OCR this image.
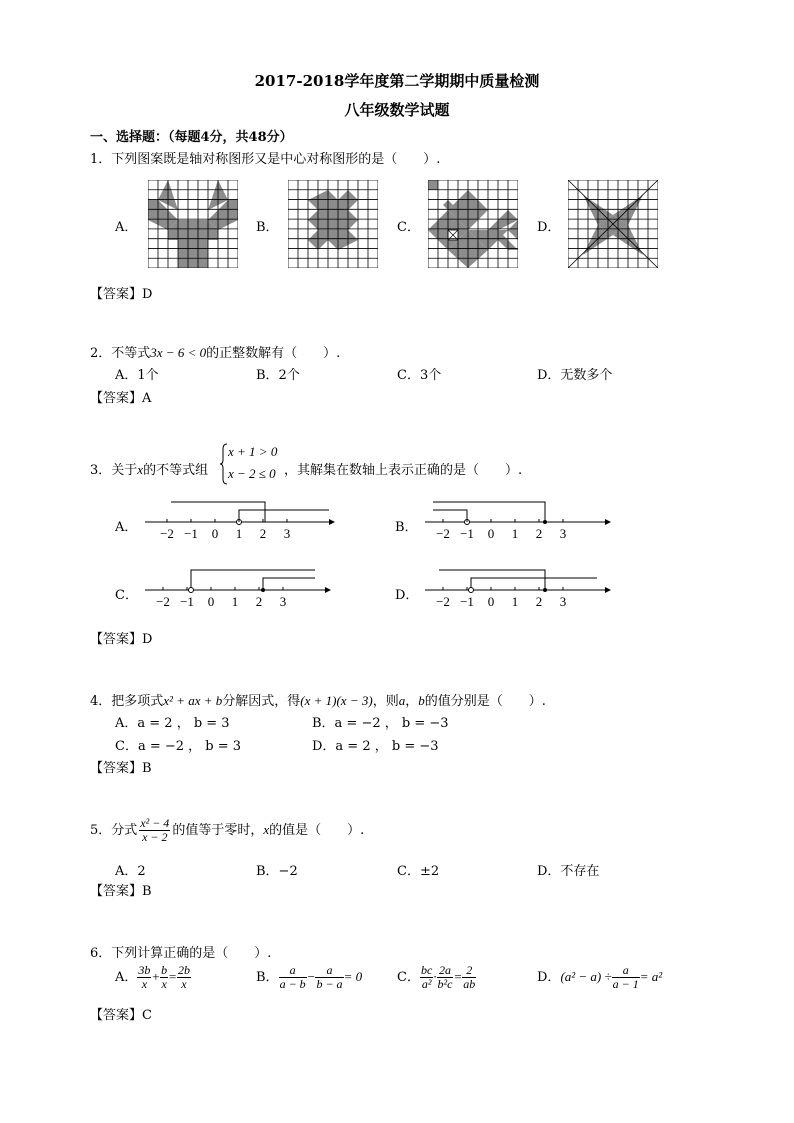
2017-2018学年度第二学期期中质量检测
八年级数学试题
一、选择题：（每题4分，共48分）
1．下列图案既是轴对称图形又是中心对称图形的是（　　）.
A．	B．	C．	D．
【答案】D
2．不等式3x − 6 < 0的正整数解有（　　）.
A．1个	B．2个	C．3个	D．无数多个
【答案】A
3．关于x的不等式组
x + 1 > 0
x − 2 ≤ 0 ，其解集在数轴上表示正确的是（　　）.
A．	B．
C．	D．
−2 −1 0 1 2 3	−2 −1 0 1 2 3
−2 −1 0 1 2 3	−2 −1 0 1 2 3
【答案】D
4．把多项式x² + ax + b分解因式，得(x + 1)(x − 3)，则a，b的值分别是（　　）.
A．a = 2 ， b = 3	B．a = −2 ， b = −3
C．a = −2 ， b = 3	D．a = 2 ， b = −3
【答案】B
5．分式 $\frac{\text{x² − 4}}{x - 2}$ 的值等于零时，x的值是（　　）.
A．2	B．−2	C．±2	D．不存在
【答案】B
6．下列计算正确的是（　　）.
A． $\frac{3b}{x} + \frac{b}{x} = \frac{2b}{x}$	B． $\frac{a}{a - b} - \frac{a}{b - a} = 0$	C． $\frac{bc}{\text{a²}} \cdot \frac{2a}{\text{b²c}} = \frac{2}{ab}$	D．$(a^2 - a) \div \frac{a}{a - 1} = a^2$
【答案】C
